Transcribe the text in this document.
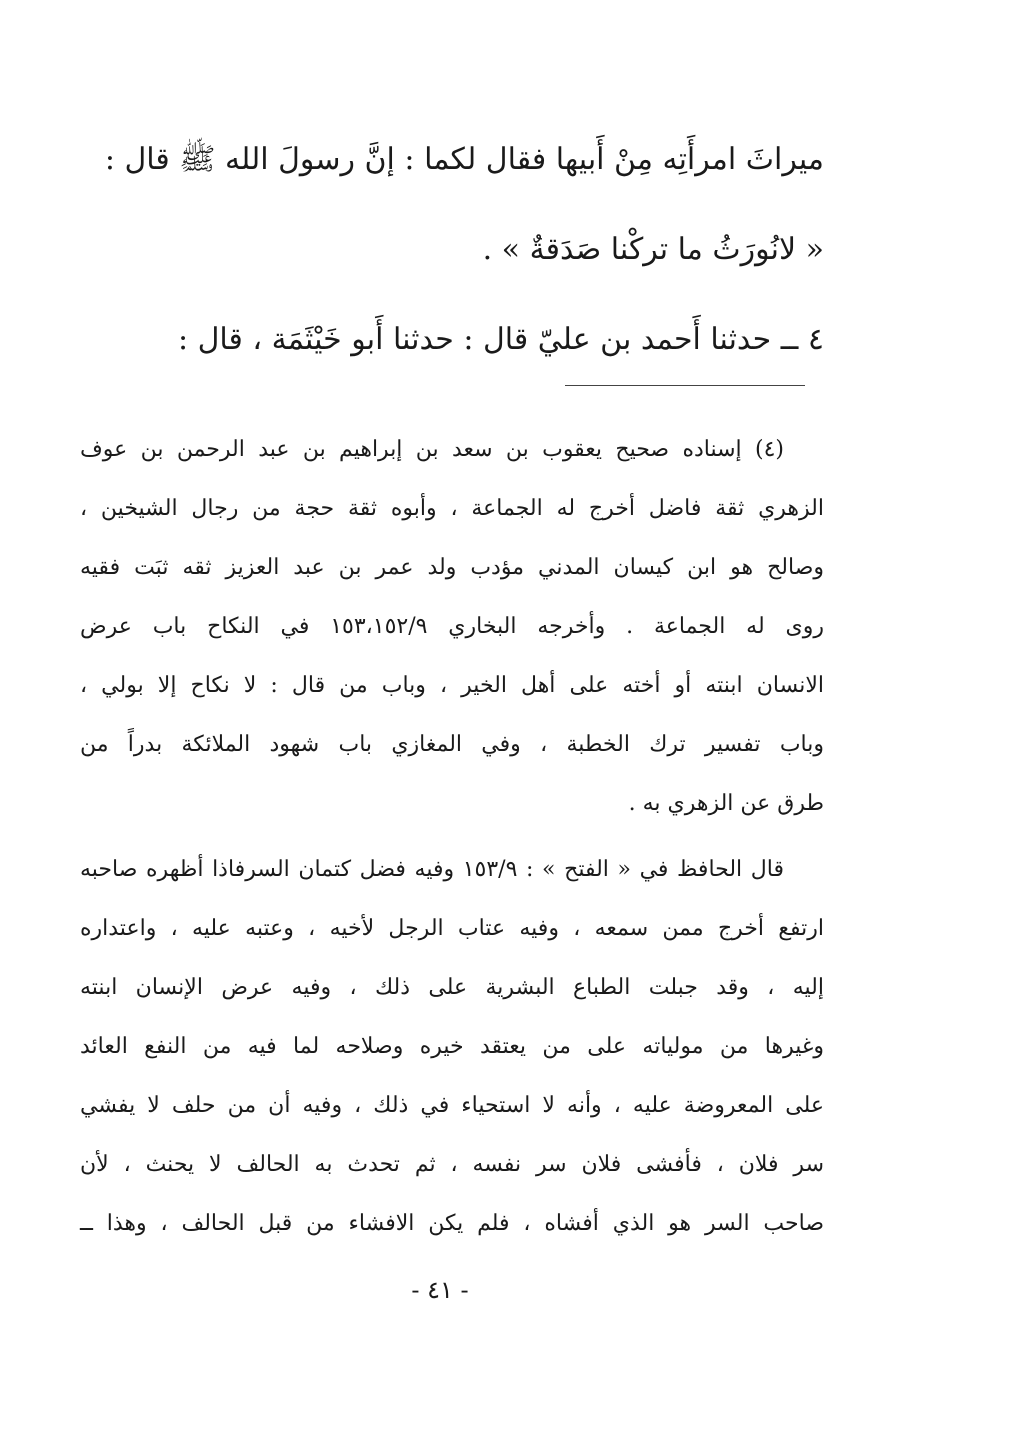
ميراثَ امرأَتِه مِنْ أَبيها فقال لكما : إنَّ رسولَ الله ﷺ قال :
« لانُورَثُ ما تركْنا صَدَقةٌ » .
٤ ــ حدثنا أَحمد بن عليّ قال : حدثنا أَبو خَيْثَمَة ، قال :
(٤) إسناده صحيح يعقوب بن سعد بن إبراهيم بن عبد الرحمن بن عوف
الزهري ثقة فاضل أخرج له الجماعة ، وأبوه ثقة حجة من رجال الشيخين ،
وصالح هو ابن كيسان المدني مؤدب ولد عمر بن عبد العزيز ثقه ثبَت فقيه
روى له الجماعة . وأخرجه البخاري ١٥٣،١٥٢/٩ في النكاح باب عرض
الانسان ابنته أو أخته على أهل الخير ، وباب من قال : لا نكاح إلا بولي ،
وباب تفسير ترك الخطبة ، وفي المغازي باب شهود الملائكة بدراً من
طرق عن الزهري به .
قال الحافظ في « الفتح » : ١٥٣/٩ وفيه فضل كتمان السرفاذا أظهره صاحبه
ارتفع أخرج ممن سمعه ، وفيه عتاب الرجل لأخيه ، وعتبه عليه ، واعتداره
إليه ، وقد جبلت الطباع البشرية على ذلك ، وفيه عرض الإنسان ابنته
وغيرها من مولياته على من يعتقد خيره وصلاحه لما فيه من النفع العائد
على المعروضة عليه ، وأنه لا استحياء في ذلك ، وفيه أن من حلف لا يفشي
سر فلان ، فأفشى فلان سر نفسه ، ثم تحدث به الحالف لا يحنث ، لأن
صاحب السر هو الذي أفشاه ، فلم يكن الافشاء من قبل الحالف ، وهذا ــ
- ٤١ -
